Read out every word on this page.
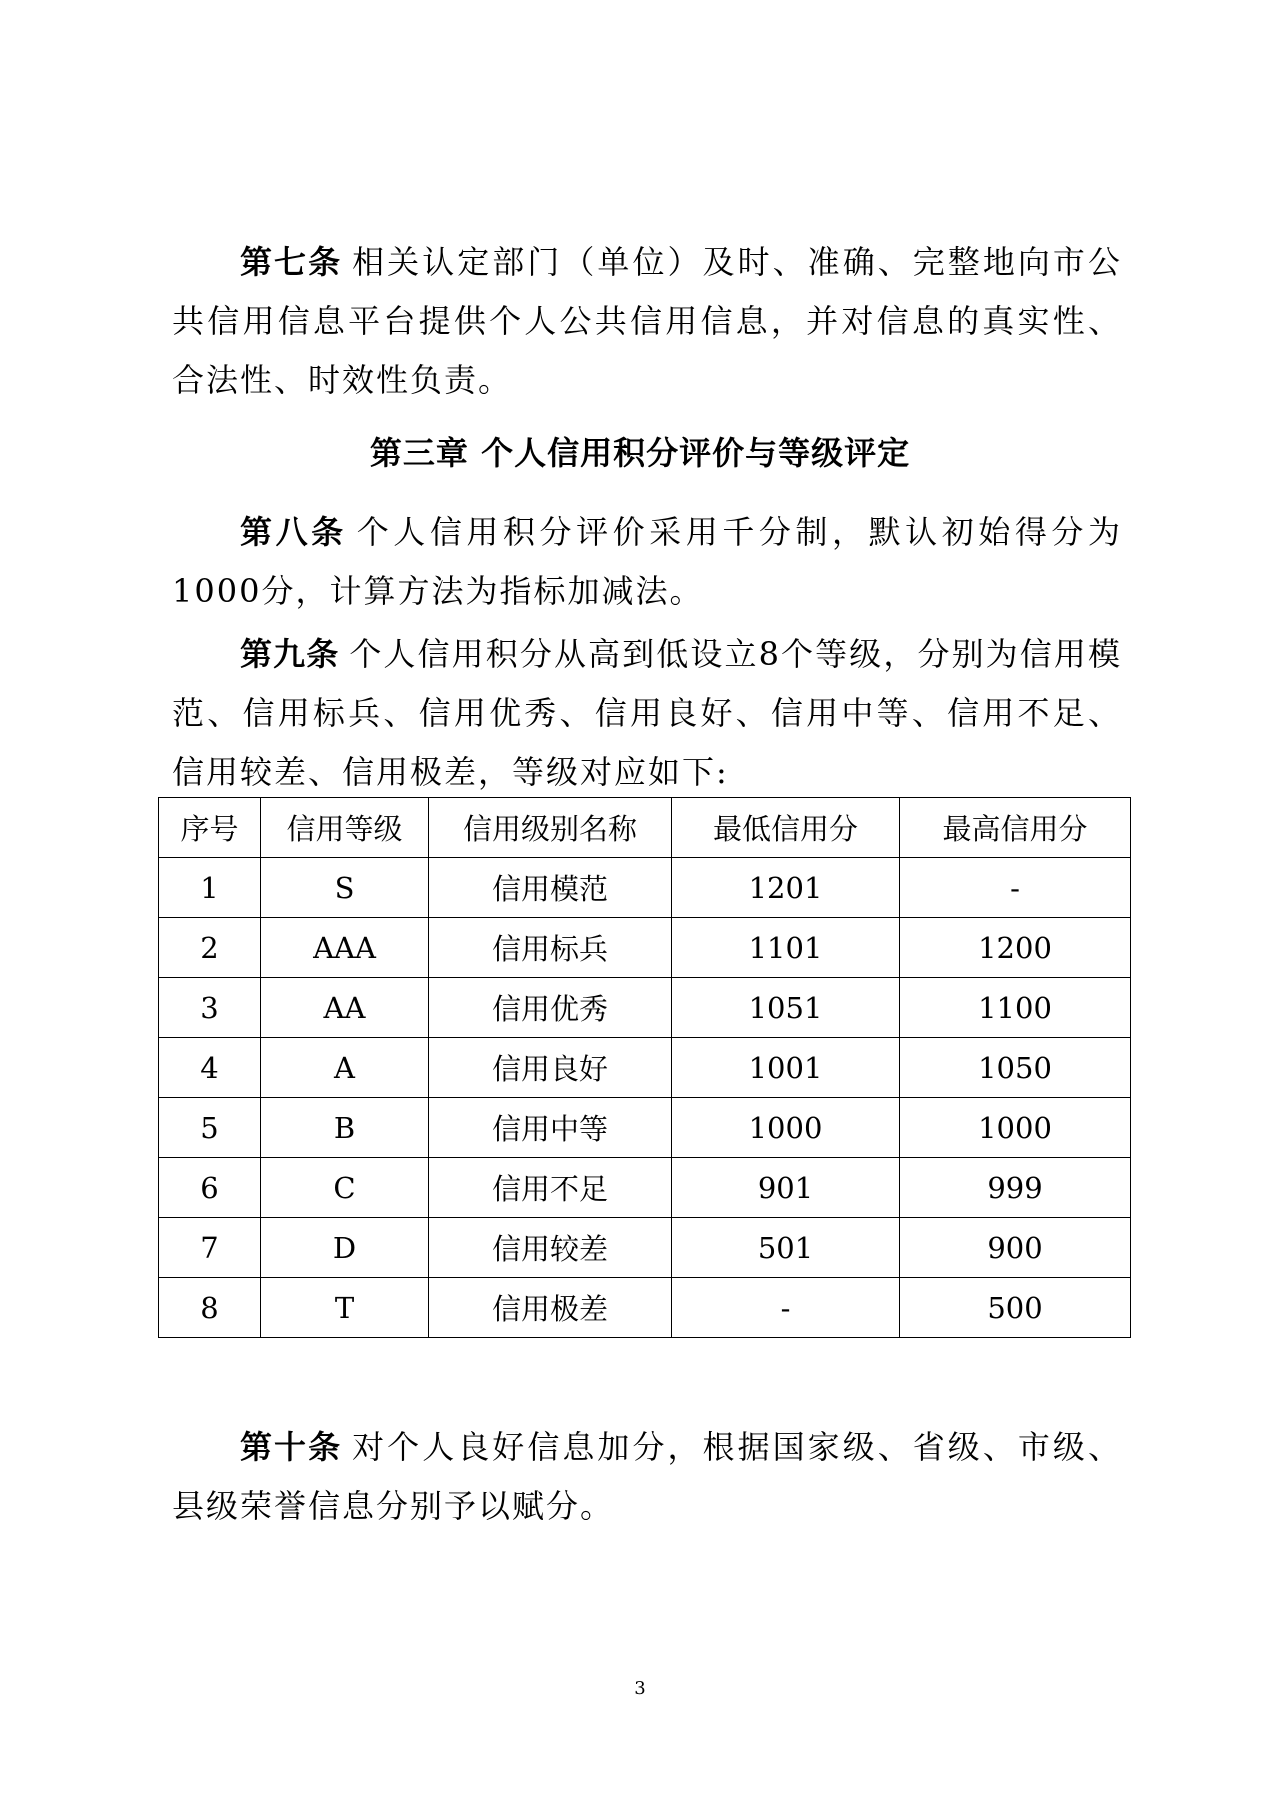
第七条 相关认定部门（单位）及时、准确、完整地向市公共信用信息平台提供个人公共信用信息，并对信息的真实性、合法性、时效性负责。

第三章 个人信用积分评价与等级评定

第八条 个人信用积分评价采用千分制，默认初始得分为1000分，计算方法为指标加减法。

第九条 个人信用积分从高到低设立8个等级，分别为信用模范、信用标兵、信用优秀、信用良好、信用中等、信用不足、信用较差、信用极差，等级对应如下:

序号	信用等级	信用级别名称	最低信用分	最高信用分
1	S	信用模范	1201	-
2	AAA	信用标兵	1101	1200
3	AA	信用优秀	1051	1100
4	A	信用良好	1001	1050
5	B	信用中等	1000	1000
6	C	信用不足	901	999
7	D	信用较差	501	900
8	T	信用极差	-	500

第十条 对个人良好信息加分，根据国家级、省级、市级、县级荣誉信息分别予以赋分。

3
